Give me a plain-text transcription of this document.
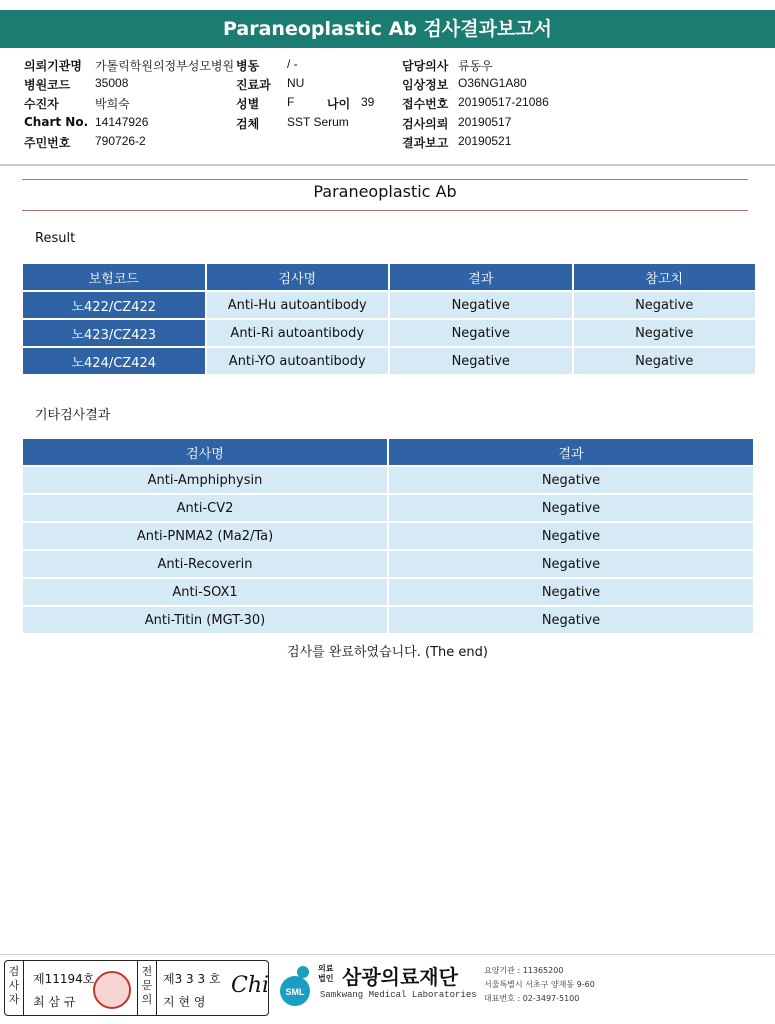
Paraneoplastic Ab 검사결과보고서
의뢰기관명 가톨릭학원의정부성모병원 병동 / -	담당의사 류동우
병원코드 35008	진료과 NU	임상정보 O36NG1A80
수진자	박희숙	성별 F	나이 39 접수번호 20190517-21086
Chart No. 14147926	검체 SST Serum	검사의뢰 20190517
주민번호 790726-2	결과보고 20190521
Paraneoplastic Ab
Result
보험코드	검사명	결과	참고치
노422/CZ422	Anti-Hu autoantibody	Negative	Negative
노423/CZ423	Anti-Ri autoantibody	Negative	Negative
노424/CZ424	Anti-YO autoantibody	Negative	Negative
기타검사결과
검사명	결과
Anti-Amphiphysin	Negative
Anti-CV2	Negative
Anti-PNMA2 (Ma2/Ta)	Negative
Anti-Recoverin	Negative
Anti-SOX1	Negative
Anti-Titin (MGT-30)	Negative
검사를 완료하였습니다. (The end)
검사자
제11194호
최 삼 규
전문의
제3 3 3 호
지 현 영
Chi SML
의료
법인 삼광의료재단
Samkwang Medical Laboratories
요양기관 : 11365200
서울특별시 서초구 양재동 9-60
대표번호 : 02-3497-5100
